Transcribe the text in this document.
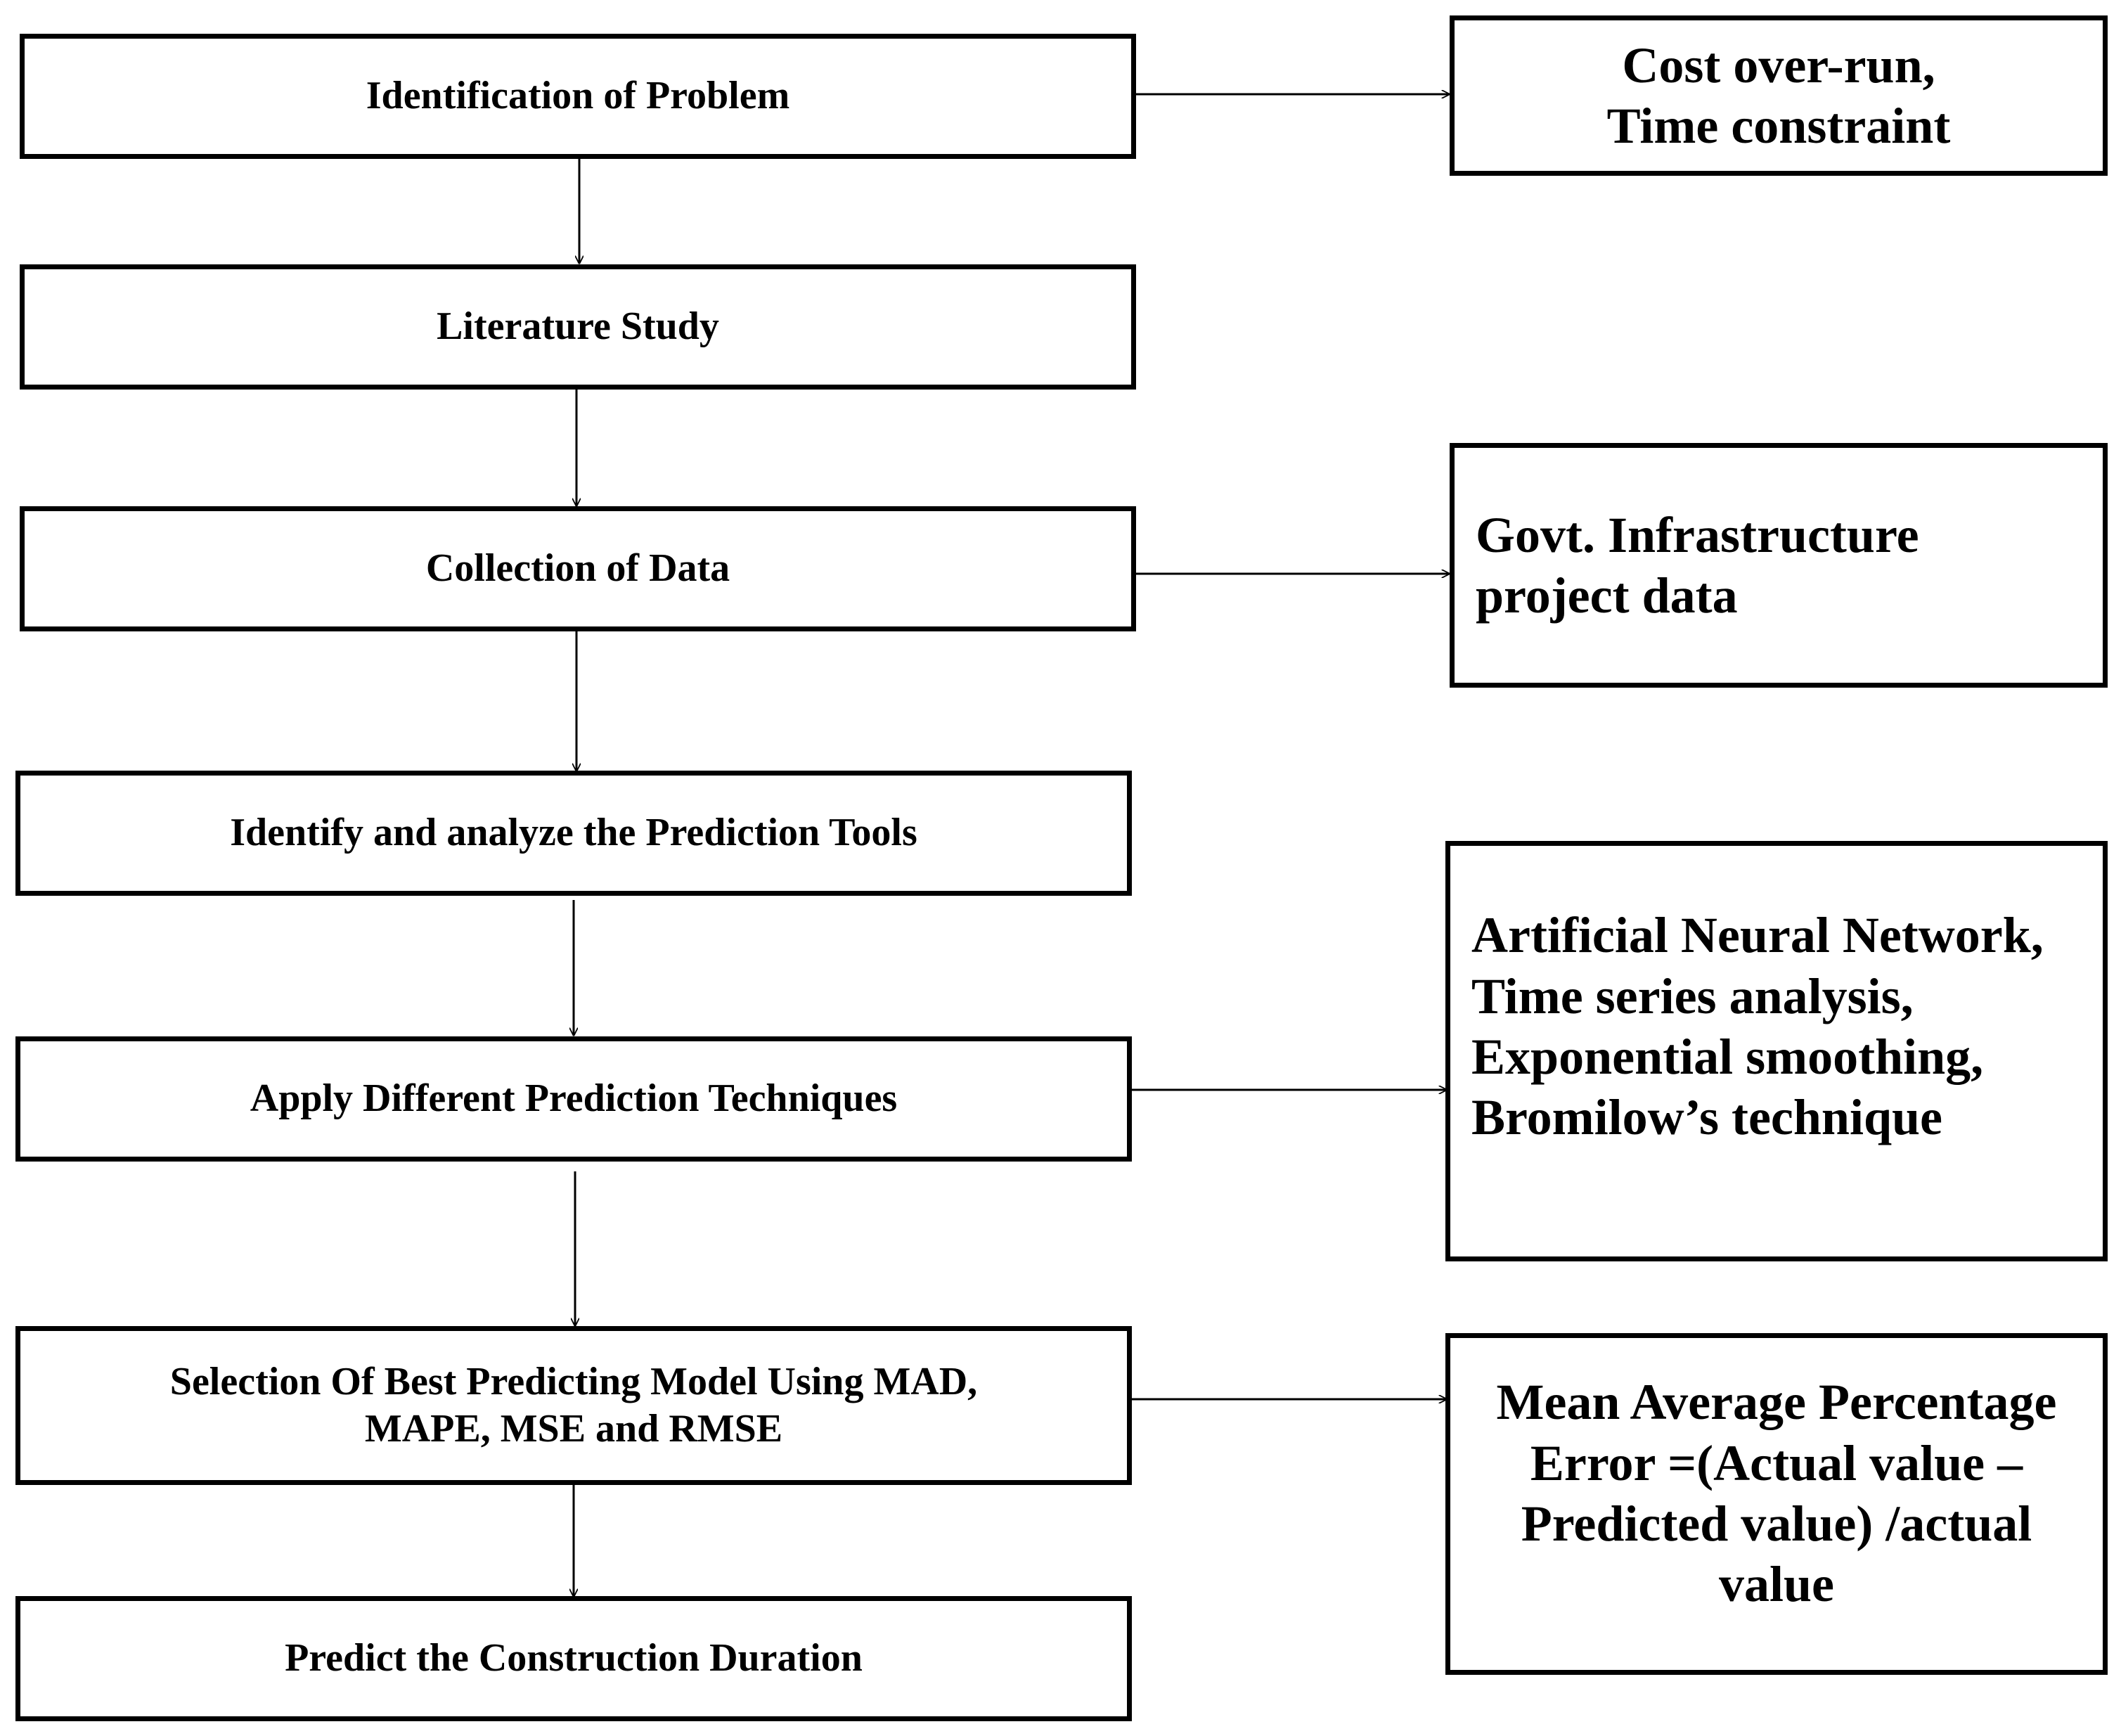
Identification of Problem
Literature Study
Collection of Data
Identify and analyze the Prediction Tools
Apply Different Prediction Techniques
Selection Of Best Predicting Model Using MAD,
MAPE, MSE and RMSE
Predict the Construction Duration
Cost over-run,
Time constraint
Govt. Infrastructure
project data
Artificial Neural Network,
Time series analysis,
Exponential smoothing,
Bromilow’s technique
Mean Average Percentage
Error =(Actual value –
Predicted value) /actual
value
